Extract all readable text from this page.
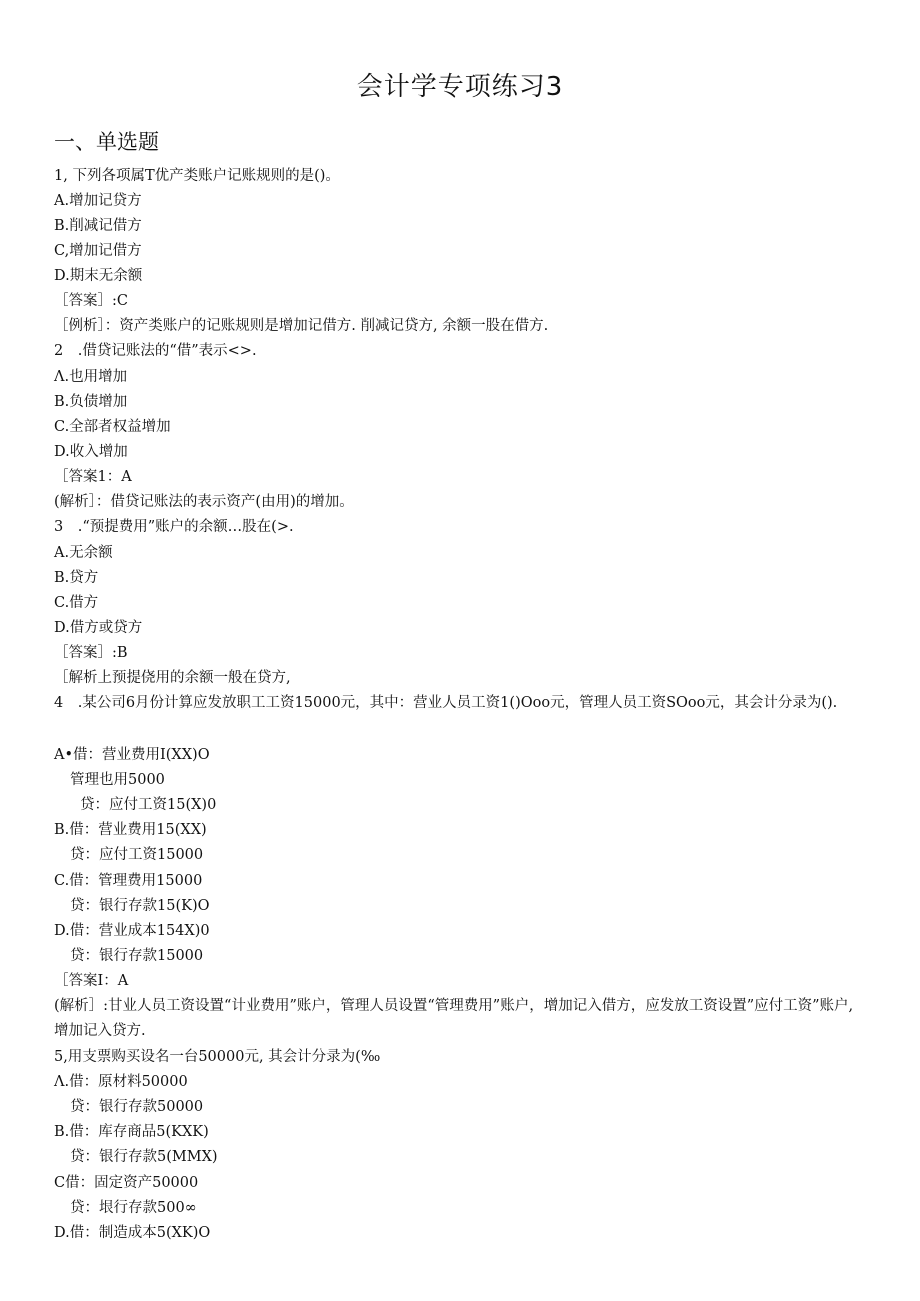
会计学专项练习3
一、单选题
1, 下列各项属T优产类账户记账规则的是()。
A.增加记贷方
B.削减记借方
C,增加记借方
D.期末无余额
［答案］:C
［例析］：资产类账户的记账规则是增加记借方. 削减记贷方, 余额一股在借方.
2　.借贷记账法的“借”表示<>.
Λ.也用增加
B.负债增加
C.全部者权益增加
D.收入增加
［答案1：A
(解析］：借贷记账法的表示资产(由用)的增加。
3　.“预提费用”账户的余额…股在(>.
A.无余额
B.贷方
C.借方
D.借方或贷方
［答案］:B
［解析上预提侥用的余额一般在贷方,
4　.某公司6月份计算应发放职工工资15000元，其中：营业人员工资1()Ooo元，管理人员工资SOoo元，其会计分录为().
A•借：营业费用I(XX)O
管理也用5000
贷：应付工资15(X)0
B.借：营业费用15(XX)
贷：应付工资15000
C.借：管理费用15000
贷：银行存款15(K)O
D.借：营业成本154X)0
贷：银行存款15000
［答案I：A
(解析］:甘业人员工资设置“计业费用”账户，管理人员设置“管理费用”账户，增加记入借方，应发放工资设置”应付工资”账户, 增加记入贷方.
5,用支票购买设名一台50000元, 其会计分录为(‰
Λ.借：原材料50000
贷：银行存款50000
B.借：库存商品5(KXK)
贷：银行存款5(MMX)
C借：固定资产50000
贷：垠行存款500∞
D.借：制造成本5(XK)O
